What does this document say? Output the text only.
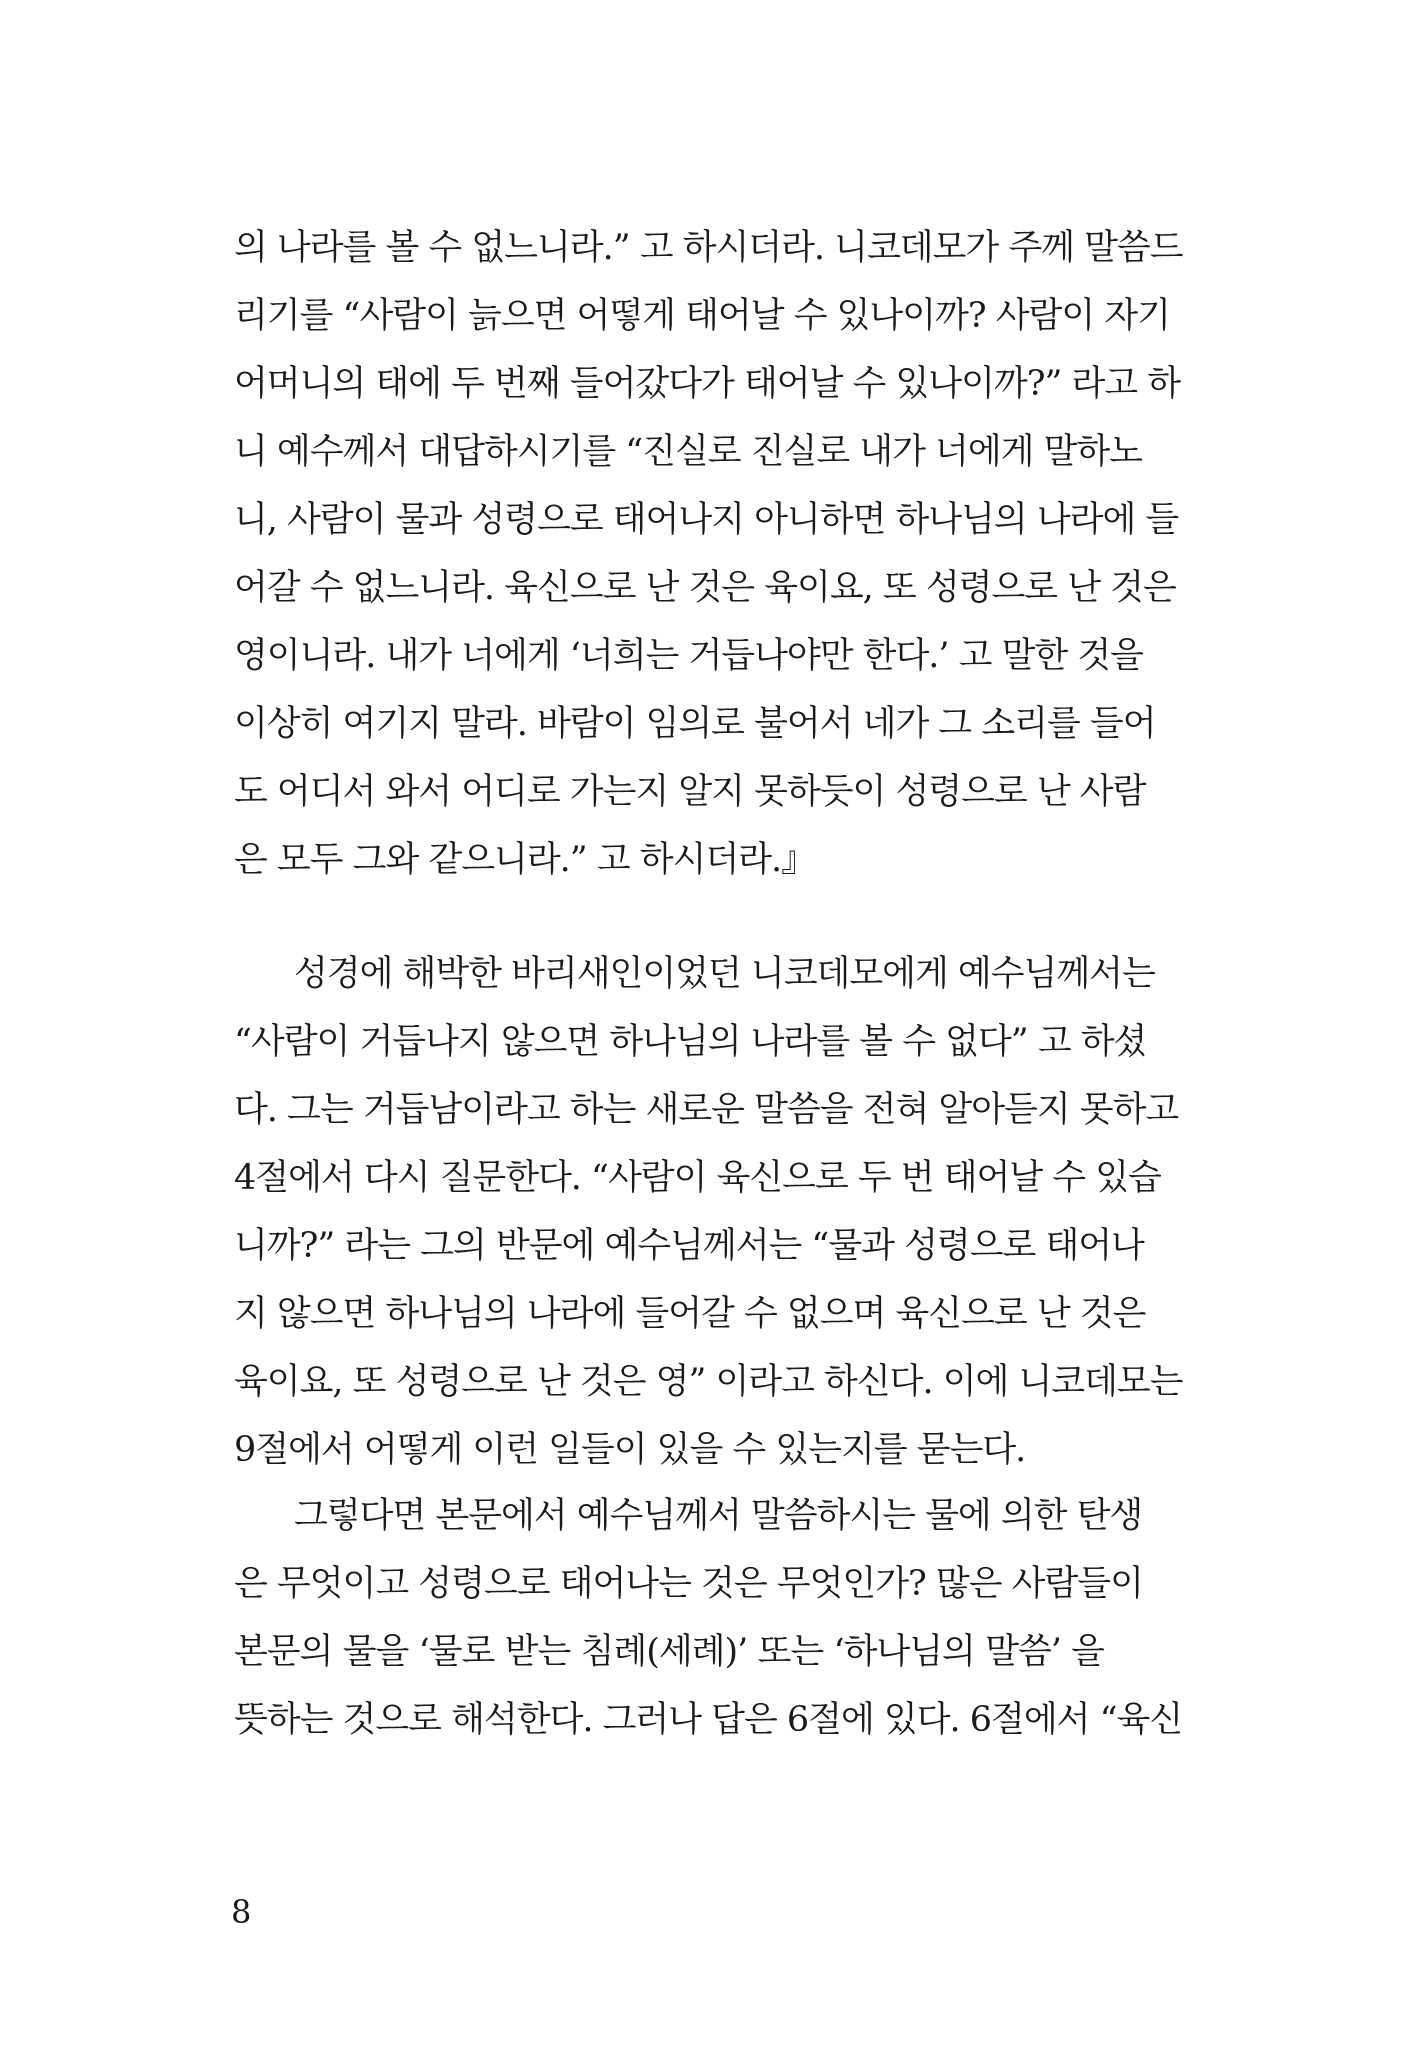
의 나라를 볼 수 없느니라.” 고 하시더라. 니코데모가 주께 말씀드
리기를 “사람이 늙으면 어떻게 태어날 수 있나이까? 사람이 자기
어머니의 태에 두 번째 들어갔다가 태어날 수 있나이까?” 라고 하
니 예수께서 대답하시기를 “진실로 진실로 내가 너에게 말하노
니, 사람이 물과 성령으로 태어나지 아니하면 하나님의 나라에 들
어갈 수 없느니라. 육신으로 난 것은 육이요, 또 성령으로 난 것은
영이니라. 내가 너에게 ‘너희는 거듭나야만 한다.’ 고 말한 것을
이상히 여기지 말라. 바람이 임의로 불어서 네가 그 소리를 들어
도 어디서 와서 어디로 가는지 알지 못하듯이 성령으로 난 사람
은 모두 그와 같으니라.” 고 하시더라.』
성경에 해박한 바리새인이었던 니코데모에게 예수님께서는
“사람이 거듭나지 않으면 하나님의 나라를 볼 수 없다” 고 하셨
다. 그는 거듭남이라고 하는 새로운 말씀을 전혀 알아듣지 못하고
4절에서 다시 질문한다. “사람이 육신으로 두 번 태어날 수 있습
니까?” 라는 그의 반문에 예수님께서는 “물과 성령으로 태어나
지 않으면 하나님의 나라에 들어갈 수 없으며 육신으로 난 것은
육이요, 또 성령으로 난 것은 영” 이라고 하신다. 이에 니코데모는
9절에서 어떻게 이런 일들이 있을 수 있는지를 묻는다.
그렇다면 본문에서 예수님께서 말씀하시는 물에 의한 탄생
은 무엇이고 성령으로 태어나는 것은 무엇인가? 많은 사람들이
본문의 물을 ‘물로 받는 침례(세례)’ 또는 ‘하나님의 말씀’ 을
뜻하는 것으로 해석한다. 그러나 답은 6절에 있다. 6절에서 “육신
8
